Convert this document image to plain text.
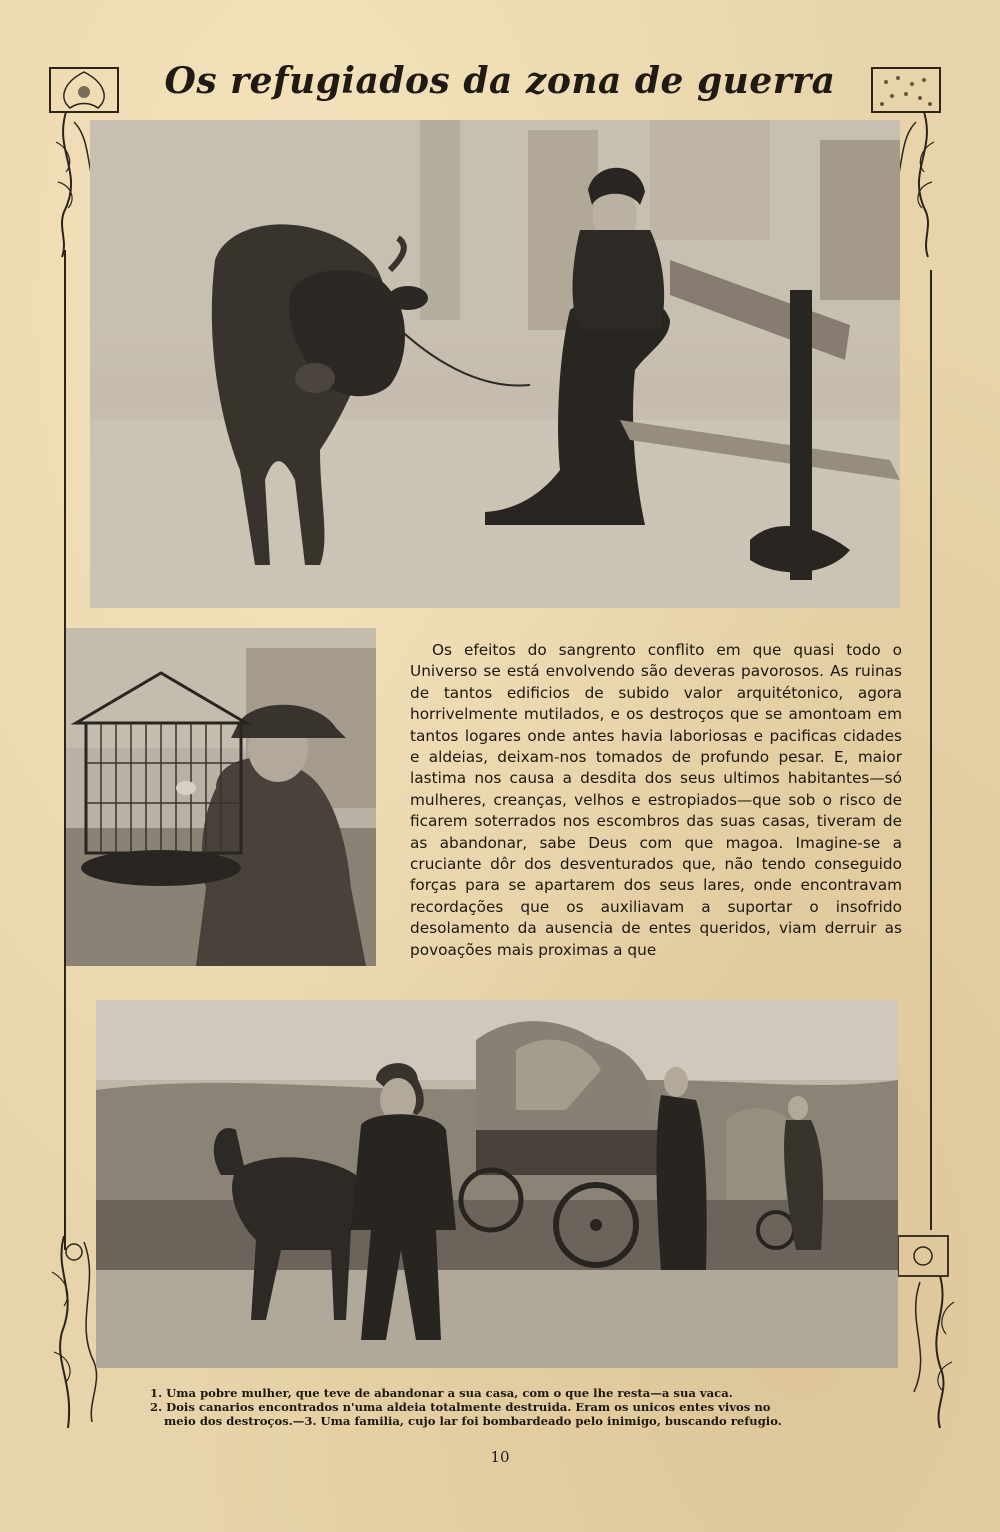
Os refugiados da zona de guerra

Os efeitos do sangrento conflito em que quasi todo o Universo se está envolvendo são deveras pavorosos. As ruinas de tantos edificios de subido valor arquitétonico, agora horrivelmente mutilados, e os destroços que se amontoam em tantos logares onde antes havia laboriosas e pacificas cidades e aldeias, deixam-nos tomados de profundo pesar. E, maior lastima nos causa a desdita dos seus ultimos habitantes—só mulheres, creanças, velhos e estropiados—que sob o risco de ficarem soterrados nos escombros das suas casas, tiveram de as abandonar, sabe Deus com que magoa. Imagine-se a cruciante dôr dos desventurados que, não tendo conseguido forças para se apartarem dos seus lares, onde encontravam recordações que os auxiliavam a suportar o insofrido desolamento da ausencia de entes queridos, viam derruir as povoações mais proximas a que

1. Uma pobre mulher, que teve de abandonar a sua casa, com o que lhe resta—a sua vaca.

2. Dois canarios encontrados n'uma aldeia totalmente destruida. Eram os unicos entes vivos no

meio dos destroços.—3. Uma familia, cujo lar foi bombardeado pelo inimigo, buscando refugio.

10
